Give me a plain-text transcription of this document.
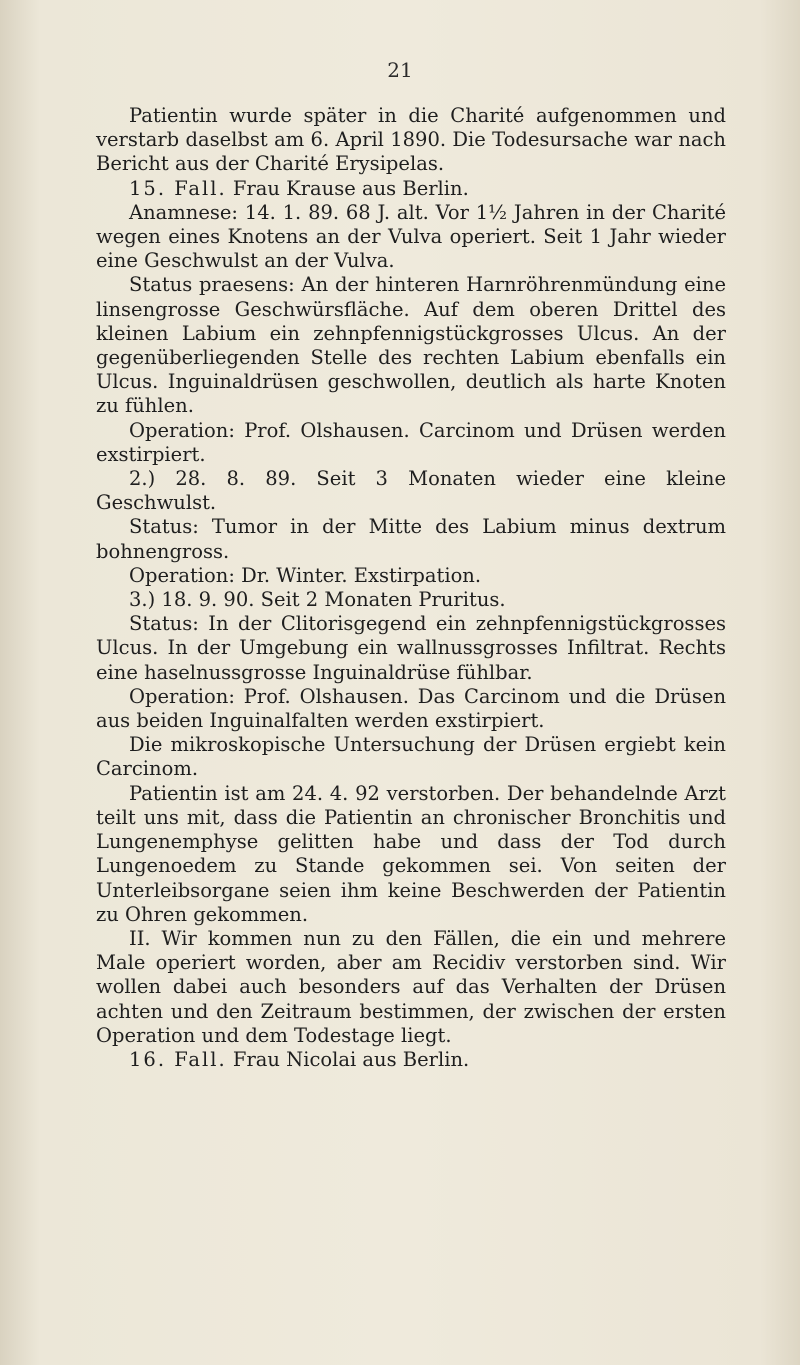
21

Patientin wurde später in die Charité aufgenommen und verstarb daselbst am 6. April 1890. Die Todesursache war nach Bericht aus der Charité Erysipelas.

15. Fall. Frau Krause aus Berlin.

Anamnese: 14. 1. 89. 68 J. alt. Vor 1½ Jahren in der Charité wegen eines Knotens an der Vulva operiert. Seit 1 Jahr wieder eine Geschwulst an der Vulva.

Status praesens: An der hinteren Harnröhrenmündung eine linsengrosse Geschwürsfläche. Auf dem oberen Drittel des kleinen Labium ein zehnpfennigstückgrosses Ulcus. An der gegenüberliegenden Stelle des rechten Labium ebenfalls ein Ulcus. Inguinaldrüsen geschwollen, deutlich als harte Knoten zu fühlen.

Operation: Prof. Olshausen. Carcinom und Drüsen werden exstirpiert.

2.) 28. 8. 89. Seit 3 Monaten wieder eine kleine Geschwulst.

Status: Tumor in der Mitte des Labium minus dextrum bohnengross.

Operation: Dr. Winter. Exstirpation.

3.) 18. 9. 90. Seit 2 Monaten Pruritus.

Status: In der Clitorisgegend ein zehnpfennigstückgrosses Ulcus. In der Umgebung ein wallnussgrosses Infiltrat. Rechts eine haselnussgrosse Inguinaldrüse fühlbar.

Operation: Prof. Olshausen. Das Carcinom und die Drüsen aus beiden Inguinalfalten werden exstirpiert.

Die mikroskopische Untersuchung der Drüsen ergiebt kein Carcinom.

Patientin ist am 24. 4. 92 verstorben. Der behandelnde Arzt teilt uns mit, dass die Patientin an chronischer Bronchitis und Lungenemphyse gelitten habe und dass der Tod durch Lungenoedem zu Stande gekommen sei. Von seiten der Unterleibsorgane seien ihm keine Beschwerden der Patientin zu Ohren gekommen.

II. Wir kommen nun zu den Fällen, die ein und mehrere Male operiert worden, aber am Recidiv verstorben sind. Wir wollen dabei auch besonders auf das Verhalten der Drüsen achten und den Zeitraum bestimmen, der zwischen der ersten Operation und dem Todestage liegt.

16. Fall. Frau Nicolai aus Berlin.
